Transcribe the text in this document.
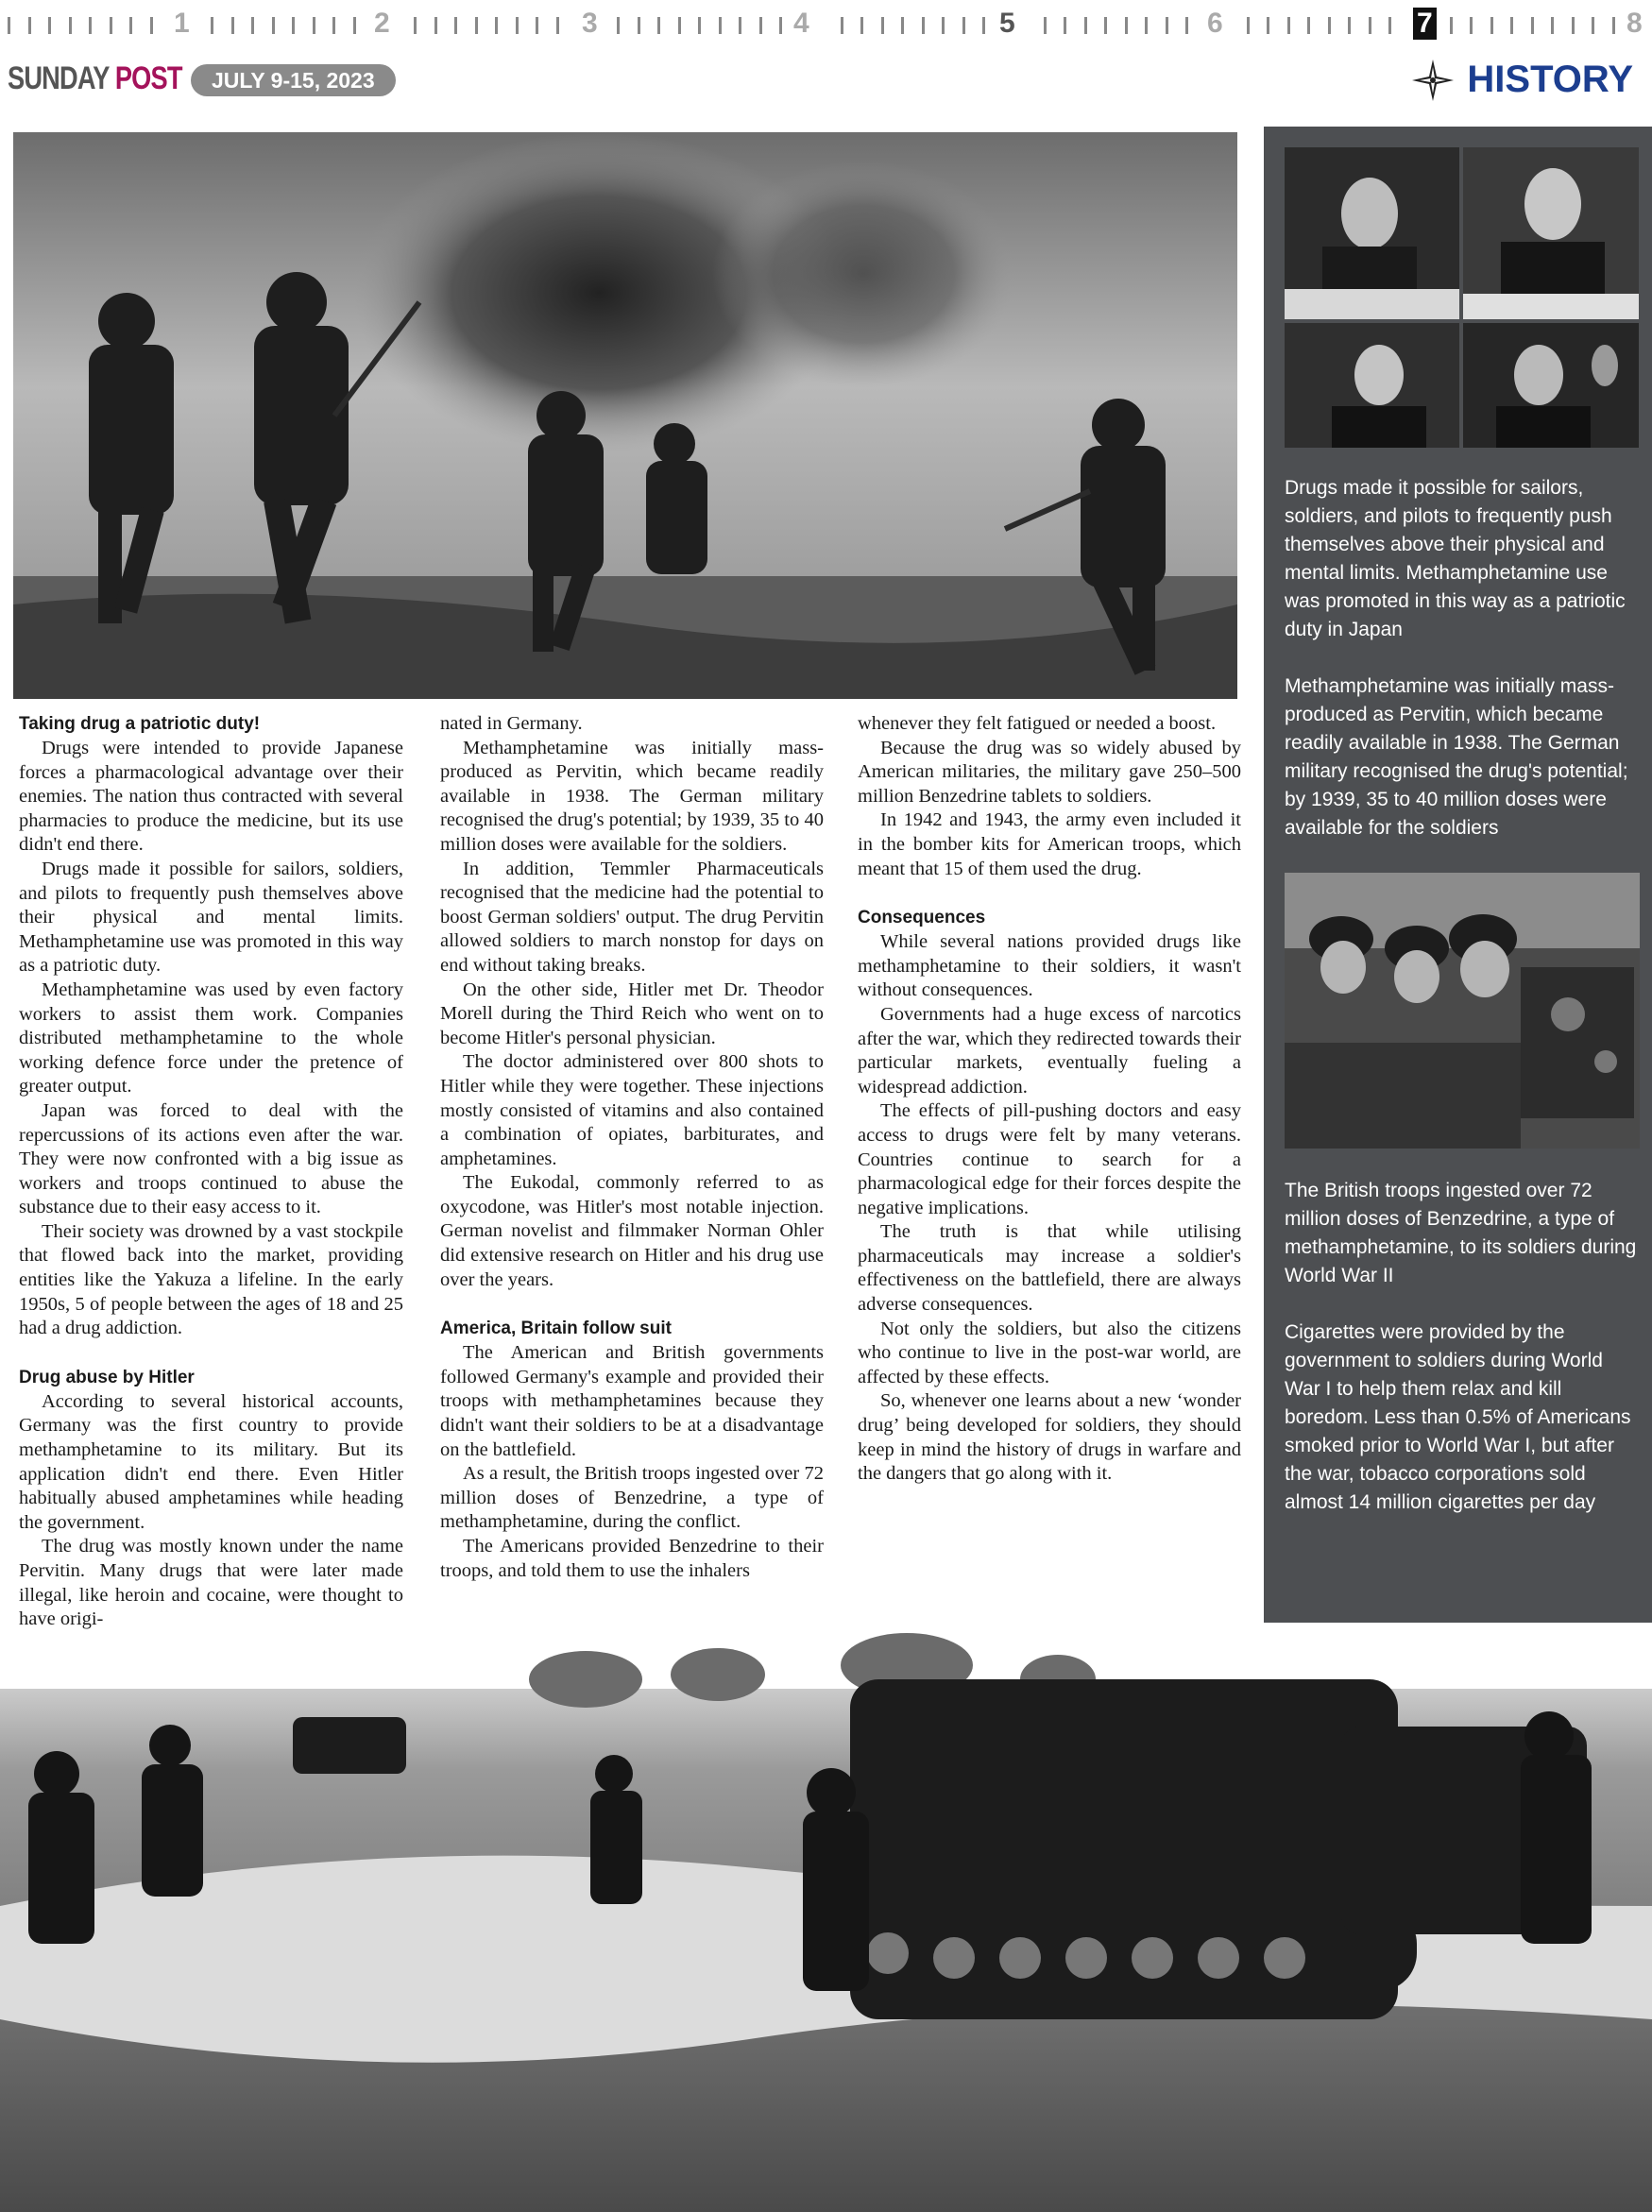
1	2	3	4	5	6	7	8
SUNDAY POST	JULY 9-15, 2023	HISTORY

Drugs made it possible for sailors, soldiers, and pilots to frequently push themselves above their physical and mental limits. Methamphetamine use was promoted in this way as a patriotic duty in Japan

Methamphetamine was initially mass-produced as Pervitin, which became readily available in 1938. The German military recognised the drug's potential; by 1939, 35 to 40 million doses were available for the soldiers

The British troops ingested over 72 million doses of Benzedrine, a type of methamphetamine, to its soldiers during World War II

Cigarettes were provided by the government to soldiers during World War I to help them relax and kill boredom. Less than 0.5% of Americans smoked prior to World War I, but after the war, tobacco corporations sold almost 14 million cigarettes per day

Taking drug a patriotic duty!

Drugs were intended to provide Japanese forces a pharmacological advantage over their enemies. The nation thus contracted with several pharmacies to produce the medicine, but its use didn't end there.

Drugs made it possible for sailors, soldiers, and pilots to frequently push themselves above their physical and mental limits. Methamphetamine use was promoted in this way as a patriotic duty.

Methamphetamine was used by even factory workers to assist them work. Companies distributed methamphetamine to the whole working defence force under the pretence of greater output.

Japan was forced to deal with the repercussions of its actions even after the war. They were now confronted with a big issue as workers and troops continued to abuse the substance due to their easy access to it.

Their society was drowned by a vast stockpile that flowed back into the market, providing entities like the Yakuza a lifeline. In the early 1950s, 5 of people between the ages of 18 and 25 had a drug addiction.

Drug abuse by Hitler

According to several historical accounts, Germany was the first country to provide methamphetamine to its military. But its application didn't end there. Even Hitler habitually abused amphetamines while heading the government.

The drug was mostly known under the name Pervitin. Many drugs that were later made illegal, like heroin and cocaine, were thought to have origi-

nated in Germany.

Methamphetamine was initially mass-produced as Pervitin, which became readily available in 1938. The German military recognised the drug's potential; by 1939, 35 to 40 million doses were available for the soldiers.

In addition, Temmler Pharmaceuticals recognised that the medicine had the potential to boost German soldiers' output. The drug Pervitin allowed soldiers to march nonstop for days on end without taking breaks.

On the other side, Hitler met Dr. Theodor Morell during the Third Reich who went on to become Hitler's personal physician.

The doctor administered over 800 shots to Hitler while they were together. These injections mostly consisted of vitamins and also contained a combination of opiates, barbiturates, and amphetamines.

The Eukodal, commonly referred to as oxycodone, was Hitler's most notable injection. German novelist and filmmaker Norman Ohler did extensive research on Hitler and his drug use over the years.

America, Britain follow suit

The American and British governments followed Germany's example and provided their troops with methamphetamines because they didn't want their soldiers to be at a disadvantage on the battlefield.

As a result, the British troops ingested over 72 million doses of Benzedrine, a type of methamphetamine, during the conflict.

The Americans provided Benzedrine to their troops, and told them to use the inhalers

whenever they felt fatigued or needed a boost.

Because the drug was so widely abused by American militaries, the military gave 250–500 million Benzedrine tablets to soldiers.

In 1942 and 1943, the army even included it in the bomber kits for American troops, which meant that 15 of them used the drug.

Consequences

While several nations provided drugs like methamphetamine to their soldiers, it wasn't without consequences.

Governments had a huge excess of narcotics after the war, which they redirected towards their particular markets, eventually fueling a widespread addiction.

The effects of pill-pushing doctors and easy access to drugs were felt by many veterans. Countries continue to search for a pharmacological edge for their forces despite the negative implications.

The truth is that while utilising pharmaceuticals may increase a soldier's effectiveness on the battlefield, there are always adverse consequences.

Not only the soldiers, but also the citizens who continue to live in the post-war world, are affected by these effects.

So, whenever one learns about a new ‘wonder drug’ being developed for soldiers, they should keep in mind the history of drugs in warfare and the dangers that go along with it.
